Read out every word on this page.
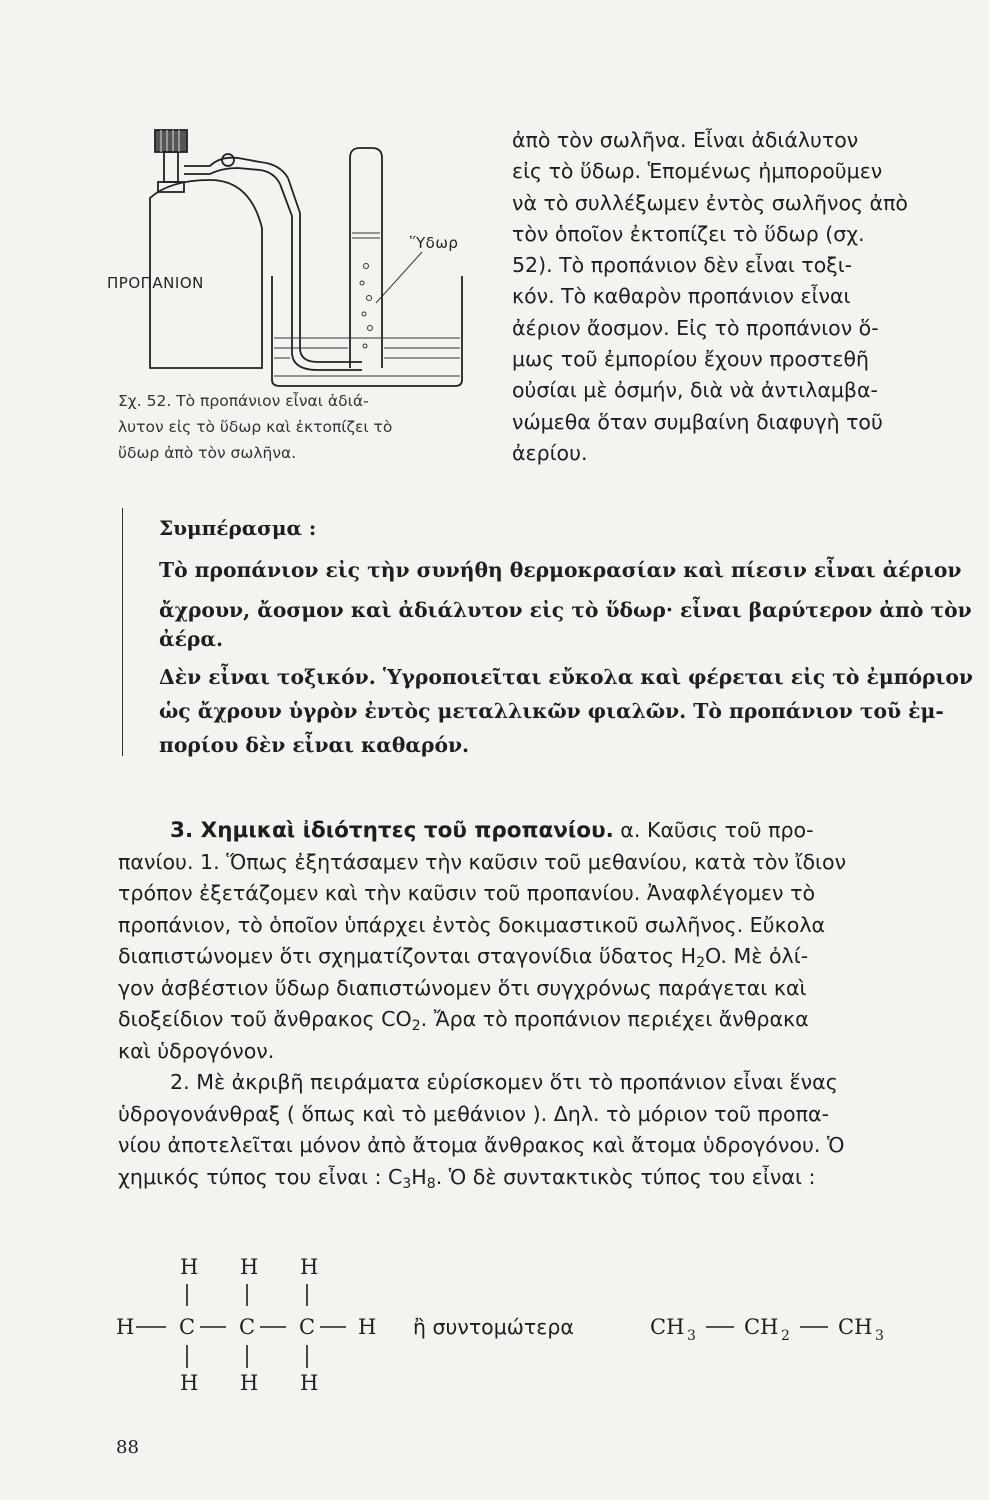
ΠΡΟΠΑΝΙΟΝ
Ὕδωρ
Σχ. 52. Τὸ προπάνιον εἶναι ἀδιά-
λυτον εἰς τὸ ὕδωρ καὶ ἐκτοπίζει τὸ
ὕδωρ ἀπὸ τὸν σωλῆνα.
ἀπὸ τὸν σωλῆνα. Εἶναι ἀδιάλυτον
εἰς τὸ ὕδωρ. Ἑπομένως ἠμποροῦμεν
νὰ τὸ συλλέξωμεν ἐντὸς σωλῆνος ἀπὸ
τὸν ὁποῖον ἐκτοπίζει τὸ ὕδωρ (σχ.
52). Τὸ προπάνιον δὲν εἶναι τοξι-
κόν. Τὸ καθαρὸν προπάνιον εἶναι
ἀέριον ἄοσμον. Εἰς τὸ προπάνιον ὅ-
μως τοῦ ἐμπορίου ἔχουν προστεθῆ
οὐσίαι μὲ ὀσμήν, διὰ νὰ ἀντιλαμβα-
νώμεθα ὅταν συμβαίνη διαφυγὴ τοῦ
ἀερίου.
Συμπέρασμα :
Τὸ προπάνιον εἰς τὴν συνήθη θερμοκρασίαν καὶ πίεσιν εἶναι ἀέριον
ἄχρουν, ἄοσμον καὶ ἀδιάλυτον εἰς τὸ ὕδωρ· εἶναι βαρύτερον ἀπὸ τὸν
ἀέρα.
Δὲν εἶναι τοξικόν. Ὑγροποιεῖται εὔκολα καὶ φέρεται εἰς τὸ ἐμπόριον
ὡς ἄχρουν ὑγρὸν ἐντὸς μεταλλικῶν φιαλῶν. Τὸ προπάνιον τοῦ ἐμ-
πορίου δὲν εἶναι καθαρόν.
3. Χημικαὶ ἰδιότητες τοῦ προπανίου. α. Καῦσις τοῦ προ-
πανίου. 1. Ὅπως ἐξητάσαμεν τὴν καῦσιν τοῦ μεθανίου, κατὰ τὸν ἴδιον
τρόπον ἐξετάζομεν καὶ τὴν καῦσιν τοῦ προπανίου. Ἀναφλέγομεν τὸ
προπάνιον, τὸ ὁποῖον ὑπάρχει ἐντὸς δοκιμαστικοῦ σωλῆνος. Εὔκολα
διαπιστώνομεν ὅτι σχηματίζονται σταγονίδια ὕδατος $H_2O$. Μὲ ὀλί-
γον ἀσβέστιον ὕδωρ διαπιστώνομεν ὅτι συγχρόνως παράγεται καὶ
διοξείδιον τοῦ ἄνθρακος $CO_2$. Ἄρα τὸ προπάνιον περιέχει ἄνθρακα
καὶ ὑδρογόνον.
2. Μὲ ἀκριβῆ πειράματα εὑρίσκομεν ὅτι τὸ προπάνιον εἶναι ἕνας
ὑδρογονάνθραξ ( ὅπως καὶ τὸ μεθάνιον ). Δηλ. τὸ μόριον τοῦ προπα-
νίου ἀποτελεῖται μόνον ἀπὸ ἄτομα ἄνθρακος καὶ ἄτομα ὑδρογόνου. Ὁ
χημικός τύπος του εἶναι : $C_3H_8$. Ὁ δὲ συντακτικὸς τύπος του εἶναι :
H H H
H C C C H
H H H
ἢ συντομώτερα	CH 3 CH 2 CH 3
88
